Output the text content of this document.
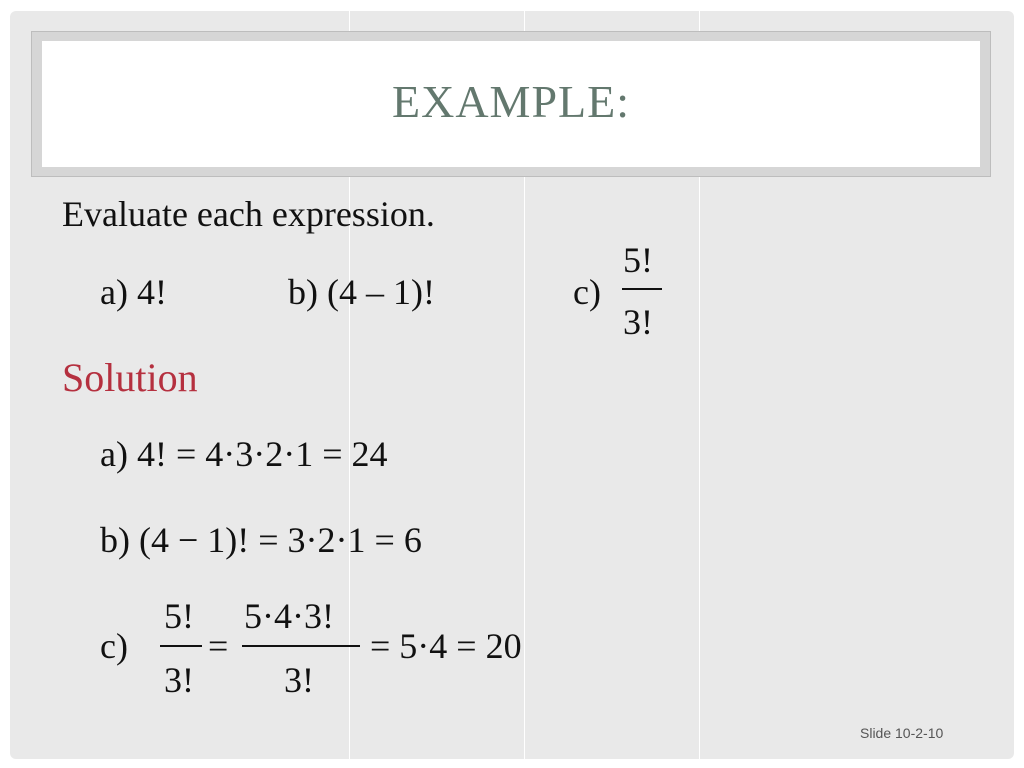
EXAMPLE:
Evaluate each expression.
a) 4!	b) (4 – 1)!	c)
5!
3!
Solution
a) 4! = 4·3·2·1 = 24
b) (4 − 1)! = 3·2·1 = 6
c)
5!
3!
=
5·4·3!
3!
= 5·4 = 20
Slide 10-2-10
